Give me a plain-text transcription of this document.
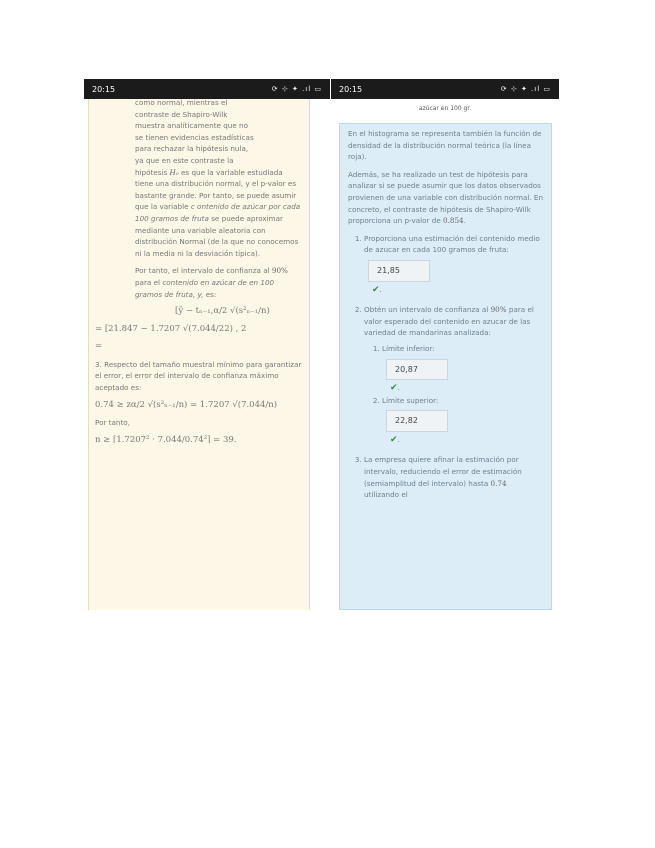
20:15	⟳ ⊹ ✦ .ıl ▭
como normal, mientras el
contraste de Shapiro-Wilk
muestra analíticamente que no
se tienen evidencias estadísticas
para rechazar la hipótesis nula,
ya que en este contraste la

hipótesis H₀ es que la variable estudiada tiene una distribución normal, y el p-valor es bastante grande. Por tanto, se puede asumir que la variable c ontenido de azúcar por cada 100 gramos de fruta se puede aproximar mediante una variable aleatoria con distribución Normal (de la que no conocemos ni la media ni la desviación típica).

Por tanto, el intervalo de confianza al 90% para el contenido en azúcar de en 100 gramos de fruta, y, es:

[ȳ − tₙ₋₁,α/2 √(s²ₙ₋₁/n)
= [21.847 − 1.7207 √(7.044/22) , 2
=
3. Respecto del tamaño muestral mínimo para garantizar el error, el error del intervalo de confianza máximo aceptado es:
0.74 ≥ zα/2 √(s²ₙ₋₁/n) = 1.7207 √(7.044/n)
Por tanto,
n ≥ ⌈1.7207² · 7.044/0.74²⌉ = 39.
20:15	⟳ ⊹ ✦ .ıl ▭
azúcar en 100 gr.

En el histograma se representa también la función de densidad de la distribución normal teórica (la línea roja).

Además, se ha realizado un test de hipótesis para analizar si se puede asumir que los datos observados provienen de una variable con distribución normal. En concreto, el contraste de hipótesis de Shapiro-Wilk proporciona un p-valor de 0.854.

1. Proporciona una estimación del contenido medio de azucar en cada 100 gramos de fruta:
21,85
✔.
2. Obtén un intervalo de confianza al 90% para el valor esperado del contenido en azucar de las variedad de mandarinas analizada:
1. Límite inferior:
20,87
✔.
2. Límite superior:
22,82
✔.
3. La empresa quiere afinar la estimación por intervalo, reduciendo el error de estimación (semiamplitud del intervalo) hasta 0.74 utilizando el
